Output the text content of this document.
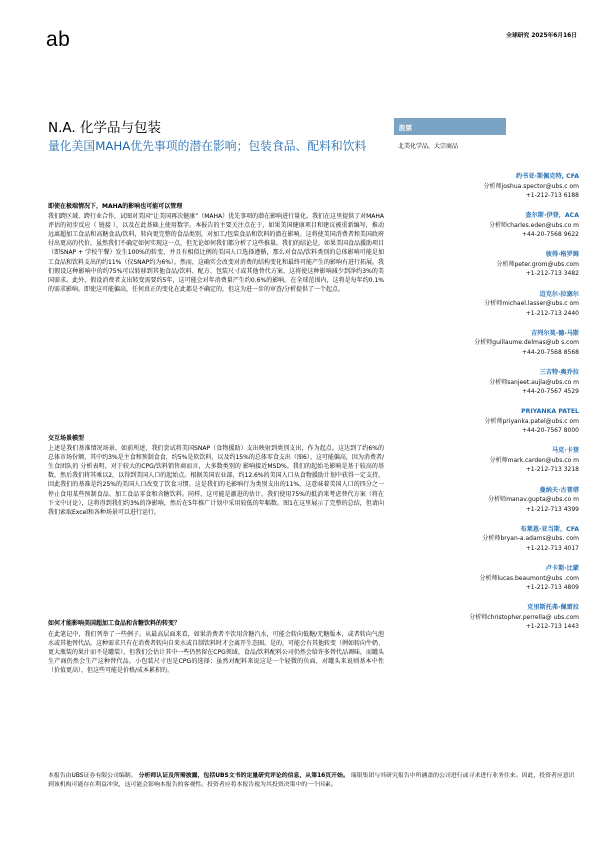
ab	全球研究 2025年6月16日
N.A. 化学品与包装
量化美国MAHA优先事项的潜在影响；包装食品、配料和饮料
股票
北美化学品，大宗商品
即使在极端情况下，MAHA的影响也可能可以管理
我们跨区域、跨行业合作，试图对美国“让美国再次健康”（MAHA）优先事项的潜在影响进行量化。我们在这里提供了对MAHA评估的初步反应（ 链接 ），以及在此基础上使用数字。本报告的主要关注点在于，如果美国健康项目和建议被重新编写，推动远离超加工食品和高糖食品/饮料，转向更完整的食品类别，对加工/包装食品和饮料的潜在影响。这将使美国消费者和美国政府付出更高的代价，虽然我们不确定如何实现这一点，但无论如何我们都分析了这些推量。我们的结论是，如果美国食品援助项目（即SNAP + 学校午餐）发生100%的转变，并且有相似比例的美国人口选择遵循，那么对食品/饮料类别的总体影响可能是加工食品和饮料支出的约11%（仅SNAP约为6%）。然而，这确实会改变对消费的结构变化和最终可能产生的影响有进行拓展。我们假设这种影响中的约75%可以转移到其他食品/饮料、配方、包装尺寸或其他替代方案，这将使这种影响减少到净约3%的美国需求。此外，假设消费者支出转变需要约5年，这可能会对年消费量产生约0.6%的影响。在全球范围内，这将是每年约0.1%的需求影响。即使这可能偏高，任何真正的变化在此都是不确定的，但这为进一步的审查/分析提供了一个起点。
交互场景模型
上述是我们基准情况场景。如前所述，我们尝试将美国SNAP（食物援助）支出映射到类别支出，作为起点。这达到了约6%的总体市场份额，其中约3%是主食和预制食食，约5%是软饮料，以及约15%的总体零食支出（图6）。这可能偏高，因为消费者/生食团队的 分析表明，对于较大的CPG/饮料销售商而言，大多数类别的 影响接近MSD%。我们的起始毛影响是基于较高的基数，然后我们将其乘以2，以得到美国人口的起始点。根据美国农业部，约12.6%的美国人口从食物援助计划中获得一定支持，因此我们的基准是约25%的美国人口改变了饮食习惯。这是我们的毛影响行为类别支出的11%，这意味着美国人口的四分之一停止食用某些预制食品、加工食品零食和含糖饮料。同样，这可能是激进的估计。我们使用75%的抵消来考虑替代方案（将在下文中讨论），这将得到我们约3%的净影响，然后在5年推广计划中采用较低的年幅数。图1在这里展示了完整的总结，但请向我们索取Excel和各种场景可以进行运行。
如何才能影响美国超加工食品和含糖饮料的转变？
在此笔记中，我们列举了一些例子。从最高层面来看，如果消费者不饮用含糖汽水，可能会转向低糖/无糖版本，或者转向气泡水或其他替代品。这种需求只有在消费者转向自来水或自制饮料时才会离开生态圈。是的，可能会有其他转变（例如转向牛奶、更大瓶装的果汁而不是罐装），但我们会估计其中一些仍然留在CPG领域。食品/饮料配料公司仍然会给许多替代品调味，而罐头生产商仍然会生产这种替代品。小包装尺寸也是CPG的选择；虽然对配料来说这是一个轻微的负面，对罐头来说则基本中性（价值更高），但这些可能是价格/成本累积的。
约书亚·斯佩克特, CFA
分析师joshua.spector@ubs.c om
+1-212-713 6188
查尔斯·伊登，ACA
分析师charles.eden@ubs.co m
+44-20-7568 9622
彼得·格罗姆
分析师peter.grom@ubs.com
+1-212-713 3482
迈克尔·拉塞尔
分析师michael.lasser@ubs.c om
+1-212-713 2440
吉列尔莫·德·马斯
分析师guillaume.delmas@ub s.com
+44-20-7568 8568
三吉特·奥乔拉
分析师sanjeet.aujla@ubs.co m
+44-20-7567 4529
PRIYANKA PATEL
分析师priyanka.patel@ubs.c om
+44-20-7567 8000
马克·卡登
分析师mark.carden@ubs.co m
+1-212-713 3218
曼纳夫·古普塔
分析师manav.gupta@ubs.co m
+1-212-713 4399
布莱恩·亚当斯，CFA
分析师bryan-a.adams@ubs. com
+1-212-713 4017
卢卡斯·比蒙
分析师lucas.beaumont@ubs .com
+1-212-713 4809
克里斯托弗·佩雷拉
分析师christopher.perrella@ ubs.com
+1-212-713 1443
本报告由UBS证券有限公司编制。 分析师认证及所需披露，包括UBS文书的定量研究评论的信息，从第16页开始。 瑞银集团与其研究报告中所涵盖的公司进行或寻求进行业务往来。因此，投资者应意识到该机构可能存在利益冲突，这可能会影响本报告的客观性。投资者应将本报告视为其投资决策中的一个因素。
